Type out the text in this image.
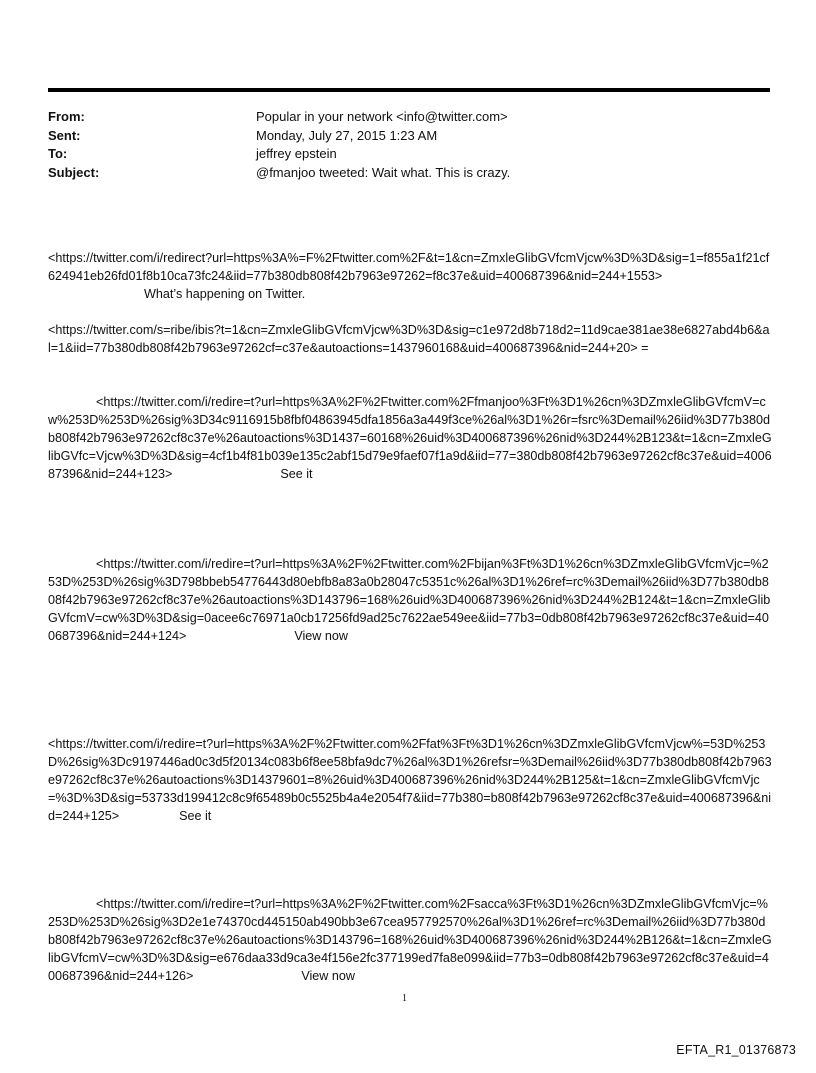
From:	Popular in your network <info@twitter.com>
Sent:	Monday, July 27, 2015 1:23 AM
To:	jeffrey epstein
Subject:	@fmanjoo tweeted: Wait what. This is crazy.
<https://twitter.com/i/redirect?url=https%3A%=F%2Ftwitter.com%2F&t=1&cn=ZmxleGlibGVfcmVjcw%3D%3D&sig=1=f855a1f21cf624941eb26fd01f8b10ca73fc24&iid=77b380db808f42b7963e97262=f8c37e&uid=400687396&nid=244+1553>
What’s happening on Twitter.
<https://twitter.com/s=ribe/ibis?t=1&cn=ZmxleGlibGVfcmVjcw%3D%3D&sig=c1e972d8b718d2=11d9cae381ae38e6827abd4b6&al=1&iid=77b380db808f42b7963e97262cf=c37e&autoactions=1437960168&uid=400687396&nid=244+20> =
<https://twitter.com/i/redire=t?url=https%3A%2F%2Ftwitter.com%2Ffmanjoo%3Ft%3D1%26cn%3DZmxleGlibGVfcmV=cw%253D%253D%26sig%3D34c9116915b8fbf04863945dfa1856a3a449f3ce%26al%3D1%26r=fsrc%3Demail%26iid%3D77b380db808f42b7963e97262cf8c37e%26autoactions%3D1437=60168%26uid%3D400687396%26nid%3D244%2B123&t=1&cn=ZmxleGlibGVfc=Vjcw%3D%3D&sig=4cf1b4f81b039e135c2abf15d79e9faef07f1a9d&iid=77=380db808f42b7963e97262cf8c37e&uid=400687396&nid=244+123>	See it
<https://twitter.com/i/redire=t?url=https%3A%2F%2Ftwitter.com%2Fbijan%3Ft%3D1%26cn%3DZmxleGlibGVfcmVjc=%253D%253D%26sig%3D798bbeb54776443d80ebfb8a83a0b28047c5351c%26al%3D1%26ref=rc%3Demail%26iid%3D77b380db808f42b7963e97262cf8c37e%26autoactions%3D143796=168%26uid%3D400687396%26nid%3D244%2B124&t=1&cn=ZmxleGlibGVfcmV=cw%3D%3D&sig=0acee6c76971a0cb17256fd9ad25c7622ae549ee&iid=77b3=0db808f42b7963e97262cf8c37e&uid=400687396&nid=244+124>	View now
<https://twitter.com/i/redire=t?url=https%3A%2F%2Ftwitter.com%2Ffat%3Ft%3D1%26cn%3DZmxleGlibGVfcmVjcw%=53D%253D%26sig%3Dc9197446ad0c3d5f20134c083b6f8ee58bfa9dc7%26al%3D1%26refsr=%3Demail%26iid%3D77b380db808f42b7963e97262cf8c37e%26autoactions%3D14379601=8%26uid%3D400687396%26nid%3D244%2B125&t=1&cn=ZmxleGlibGVfcmVjc=%3D%3D&sig=53733d199412c8c9f65489b0c5525b4a4e2054f7&iid=77b380=b808f42b7963e97262cf8c37e&uid=400687396&nid=244+125>	See it
<https://twitter.com/i/redire=t?url=https%3A%2F%2Ftwitter.com%2Fsacca%3Ft%3D1%26cn%3DZmxleGlibGVfcmVjc=%253D%253D%26sig%3D2e1e74370cd445150ab490bb3e67cea957792570%26al%3D1%26ref=rc%3Demail%26iid%3D77b380db808f42b7963e97262cf8c37e%26autoactions%3D143796=168%26uid%3D400687396%26nid%3D244%2B126&t=1&cn=ZmxleGlibGVfcmV=cw%3D%3D&sig=e676daa33d9ca3e4f156e2fc377199ed7fa8e099&iid=77b3=0db808f42b7963e97262cf8c37e&uid=400687396&nid=244+126>	View now
1
EFTA_R1_01376873
